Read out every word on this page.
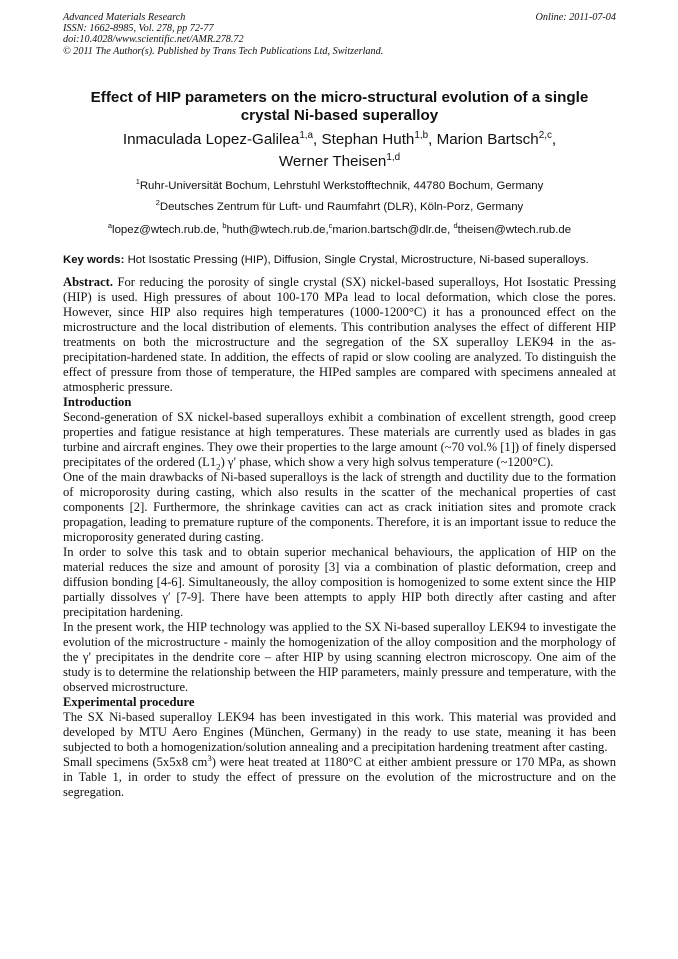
Advanced Materials Research
ISSN: 1662-8985, Vol. 278, pp 72-77
doi:10.4028/www.scientific.net/AMR.278.72
© 2011 The Author(s). Published by Trans Tech Publications Ltd, Switzerland.
Online: 2011-07-04
Effect of HIP parameters on the micro-structural evolution of a single
crystal Ni-based superalloy
Inmaculada Lopez-Galilea$^{1,a}$, Stephan Huth$^{1,b}$, Marion Bartsch$^{2,c}$,
Werner Theisen$^{1,d}$
$^1$Ruhr-Universität Bochum, Lehrstuhl Werkstofftechnik, 44780 Bochum, Germany
$^2$Deutsches Zentrum für Luft- und Raumfahrt (DLR), Köln-Porz, Germany
$^a$lopez@wtech.rub.de, $^b$huth@wtech.rub.de,$^c$marion.bartsch@dlr.de, $^d$theisen@wtech.rub.de
Key words: Hot Isostatic Pressing (HIP), Diffusion, Single Crystal, Microstructure, Ni-based superalloys.

Abstract. For reducing the porosity of single crystal (SX) nickel-based superalloys, Hot Isostatic Pressing (HIP) is used. High pressures of about 100-170 MPa lead to local deformation, which close the pores. However, since HIP also requires high temperatures (1000-1200°C) it has a pronounced effect on the microstructure and the local distribution of elements. This contribution analyses the effect of different HIP treatments on both the microstructure and the segregation of the SX superalloy LEK94 in the as-precipitation-hardened state. In addition, the effects of rapid or slow cooling are analyzed. To distinguish the effect of pressure from those of temperature, the HIPed samples are compared with specimens annealed at atmospheric pressure.

Introduction

Second-generation of SX nickel-based superalloys exhibit a combination of excellent strength, good creep properties and fatigue resistance at high temperatures. These materials are currently used as blades in gas turbine and aircraft engines. They owe their properties to the large amount (~70 vol.% [1]) of finely dispersed precipitates of the ordered $(L1_2)$ γ′ phase, which show a very high solvus temperature (~1200°C).

One of the main drawbacks of Ni-based superalloys is the lack of strength and ductility due to the formation of microporosity during casting, which also results in the scatter of the mechanical properties of cast components [2]. Furthermore, the shrinkage cavities can act as crack initiation sites and promote crack propagation, leading to premature rupture of the components. Therefore, it is an important issue to reduce the microporosity generated during casting.

In order to solve this task and to obtain superior mechanical behaviours, the application of HIP on the material reduces the size and amount of porosity [3] via a combination of plastic deformation, creep and diffusion bonding [4-6]. Simultaneously, the alloy composition is homogenized to some extent since the HIP partially dissolves γ′ [7-9]. There have been attempts to apply HIP both directly after casting and after precipitation hardening.

In the present work, the HIP technology was applied to the SX Ni-based superalloy LEK94 to investigate the evolution of the microstructure - mainly the homogenization of the alloy composition and the morphology of the γ′ precipitates in the dendrite core – after HIP by using scanning electron microscopy. One aim of the study is to determine the relationship between the HIP parameters, mainly pressure and temperature, with the observed microstructure.

Experimental procedure

The SX Ni-based superalloy LEK94 has been investigated in this work. This material was provided and developed by MTU Aero Engines (München, Germany) in the ready to use state, meaning it has been subjected to both a homogenization/solution annealing and a precipitation hardening treatment after casting.

Small specimens (5x5x8 $cm^3$) were heat treated at 1180°C at either ambient pressure or 170 MPa, as shown in Table 1, in order to study the effect of pressure on the evolution of the microstructure and on the segregation.
